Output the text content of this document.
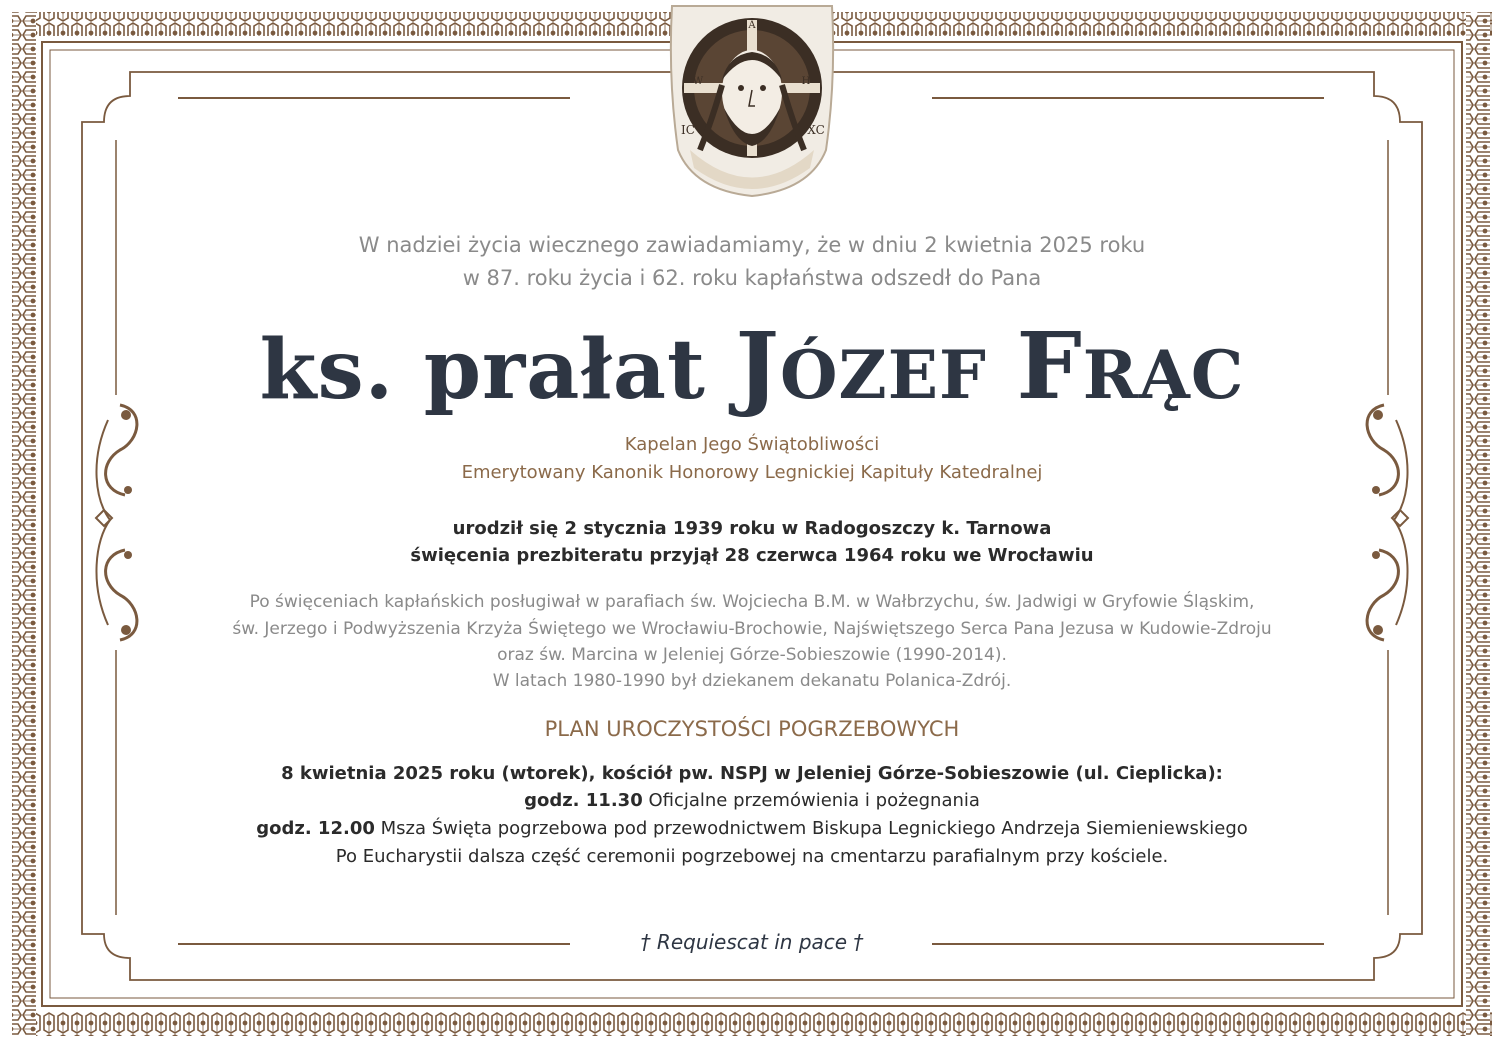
A
W	H
IC	XC
W nadziei życia wiecznego zawiadamiamy, że w dniu 2 kwietnia 2025 roku
w 87. roku życia i 62. roku kapłaństwa odszedł do Pana
ks. prałat JÓZEF FRĄC
Kapelan Jego Świątobliwości
Emerytowany Kanonik Honorowy Legnickiej Kapituły Katedralnej
urodził się 2 stycznia 1939 roku w Radogoszczy k. Tarnowa
święcenia prezbiteratu przyjął 28 czerwca 1964 roku we Wrocławiu
Po święceniach kapłańskich posługiwał w parafiach św. Wojciecha B.M. w Wałbrzychu, św. Jadwigi w Gryfowie Śląskim,
św. Jerzego i Podwyższenia Krzyża Świętego we Wrocławiu-Brochowie, Najświętszego Serca Pana Jezusa w Kudowie-Zdroju
oraz św. Marcina w Jeleniej Górze-Sobieszowie (1990-2014).
W latach 1980-1990 był dziekanem dekanatu Polanica-Zdrój.
PLAN UROCZYSTOŚCI POGRZEBOWYCH
8 kwietnia 2025 roku (wtorek), kościół pw. NSPJ w Jeleniej Górze-Sobieszowie (ul. Cieplicka):
godz. 11.30 Oficjalne przemówienia i pożegnania
godz. 12.00 Msza Święta pogrzebowa pod przewodnictwem Biskupa Legnickiego Andrzeja Siemieniewskiego
Po Eucharystii dalsza część ceremonii pogrzebowej na cmentarzu parafialnym przy kościele.
† Requiescat in pace †
